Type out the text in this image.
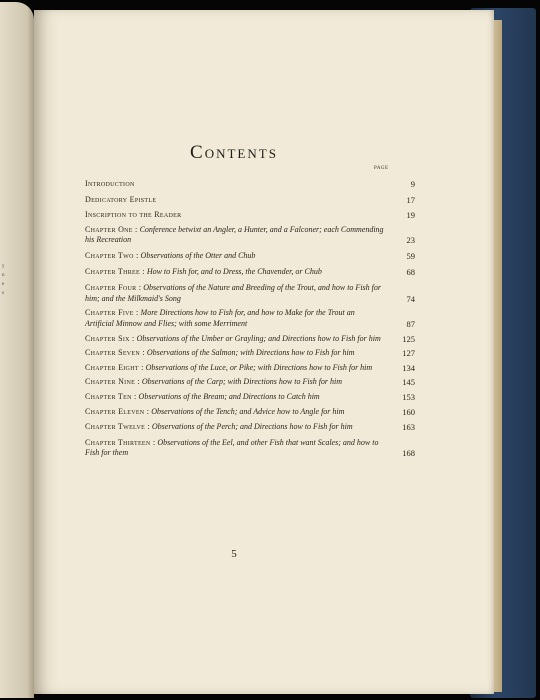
y
n
e
s
Contents
PAGE
Introduction	9
Dedicatory Epistle	17
Inscription to the Reader	19
Chapter One : Conference betwixt an Angler, a Hunter, and a Falconer; each Commending his Recreation	23
Chapter Two : Observations of the Otter and Chub	59
Chapter Three : How to Fish for, and to Dress, the Chavender, or Chub	68
Chapter Four : Observations of the Nature and Breeding of the Trout, and how to Fish for him; and the Milkmaid's Song	74
Chapter Five : More Directions how to Fish for, and how to Make for the Trout an Artificial Minnow and Flies; with some Merriment	87
Chapter Six : Observations of the Umber or Grayling; and Directions how to Fish for him	125
Chapter Seven : Observations of the Salmon; with Directions how to Fish for him	127
Chapter Eight : Observations of the Luce, or Pike; with Directions how to Fish for him	134
Chapter Nine : Observations of the Carp; with Directions how to Fish for him	145
Chapter Ten : Observations of the Bream; and Directions to Catch him	153
Chapter Eleven : Observations of the Tench; and Advice how to Angle for him	160
Chapter Twelve : Observations of the Perch; and Directions how to Fish for him	163
Chapter Thirteen : Observations of the Eel, and other Fish that want Scales; and how to Fish for them	168
5
